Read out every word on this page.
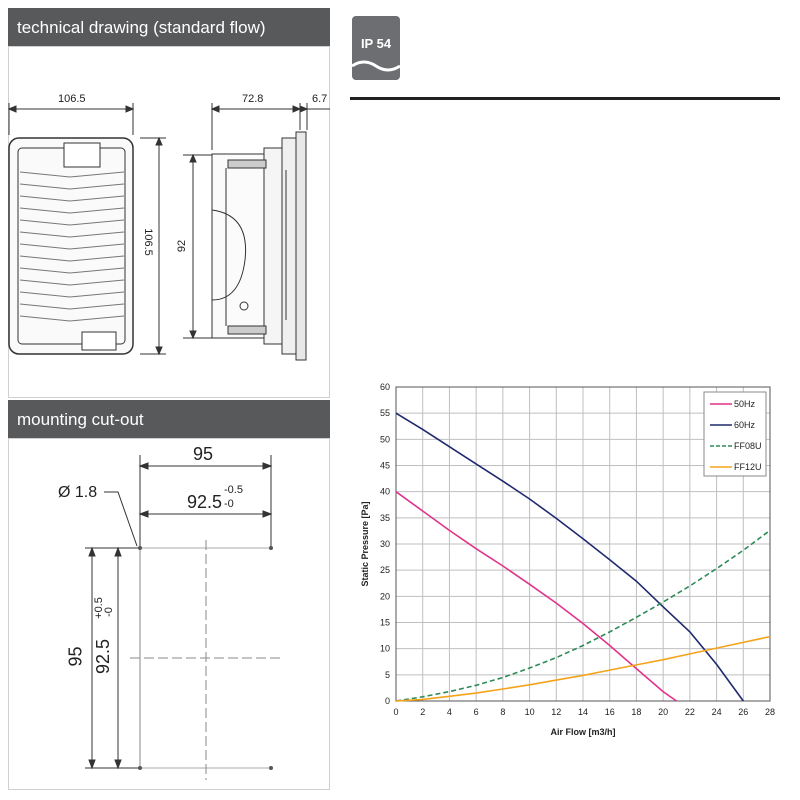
technical drawing (standard flow)
106.5
106.5
72.8	6.7
92
mounting cut-out
Ø 1.8
95
92.5
-0.5
-0
95 92.5
+0.5
-0
IP 54
0 2 4 6 8 10 12 14 16 18 20 22 24 26 28
0
5
10
15
20
25
30
35
40
45
50
55
60
Air Flow [m3/h]
Static Pressure [Pa]
50Hz
60Hz
FF08U
FF12U
